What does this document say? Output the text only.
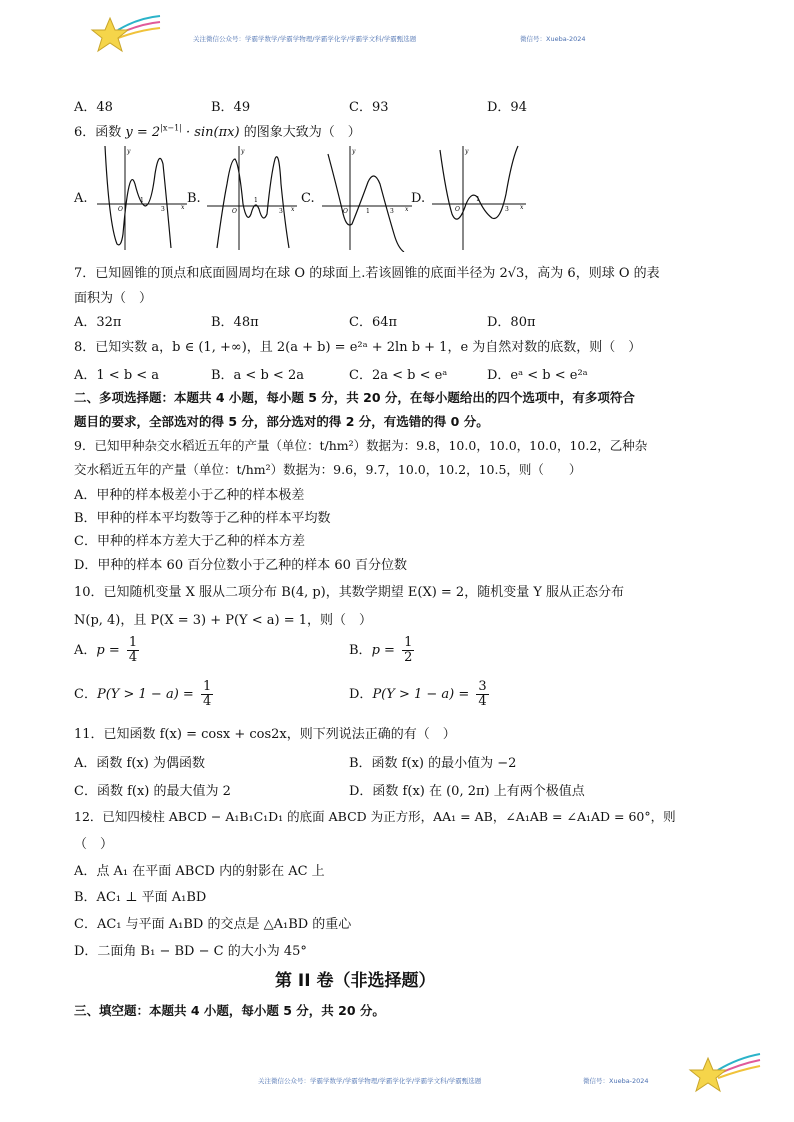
关注微信公众号：学霸学数学/学霸学物理/学霸学化学/学霸学文科/学霸甄选题	微信号：Xueba-2024
A．48	B．49	C．93	D．94
6．函数 $y = 2^{|x-1|} \cdot \sin(\pi x)$ 的图象大致为（　）
A.
y
x
O
1
3
B.
y
x
O
1
3
C.
y
x
O	1	3
D.
y
x
O
1
3
7．已知圆锥的顶点和底面圆周均在球 O 的球面上.若该圆锥的底面半径为 2√3，高为 6，则球 O 的表
面积为（　）
A．32π	B．48π	C．64π	D．80π
8．已知实数 a，b ∈ (1, +∞)，且 2(a + b) = e²ᵃ + 2ln b + 1，e 为自然对数的底数，则（　）
A．1 < b < a	B．a < b < 2a	C．2a < b < eᵃ	D．eᵃ < b < e²ᵃ
二、多项选择题：本题共 4 小题，每小题 5 分，共 20 分，在每小题给出的四个选项中，有多项符合
题目的要求，全部选对的得 5 分，部分选对的得 2 分，有选错的得 0 分。
9．已知甲种杂交水稻近五年的产量（单位：t/hm²）数据为：9.8，10.0，10.0，10.0，10.2，乙种杂
交水稻近五年的产量（单位：t/hm²）数据为：9.6，9.7，10.0，10.2，10.5，则（　　）
A．甲种的样本极差小于乙种的样本极差
B．甲种的样本平均数等于乙种的样本平均数
C．甲种的样本方差大于乙种的样本方差
D．甲种的样本 60 百分位数小于乙种的样本 60 百分位数
10．已知随机变量 X 服从二项分布 B(4, p)，其数学期望 E(X) = 2，随机变量 Y 服从正态分布
N(p, 4)，且 P(X = 3) + P(Y < a) = 1，则（　）
A．$p = \frac{1}{4}$	B．$p = \frac{1}{2}$
C．$P(Y > 1 - a) = \frac{1}{4}$	D．$P(Y > 1 - a) = \frac{3}{4}$
11．已知函数 f(x) = cosx + cos2x，则下列说法正确的有（　）
A．函数 f(x) 为偶函数	B．函数 f(x) 的最小值为 −2
C．函数 f(x) 的最大值为 2	D．函数 f(x) 在 (0, 2π) 上有两个极值点
12．已知四棱柱 ABCD − A₁B₁C₁D₁ 的底面 ABCD 为正方形，AA₁ = AB，∠A₁AB = ∠A₁AD = 60°，则
（　）
A．点 A₁ 在平面 ABCD 内的射影在 AC 上
B．AC₁ ⊥ 平面 A₁BD
C．AC₁ 与平面 A₁BD 的交点是 △A₁BD 的重心
D．二面角 B₁ − BD − C 的大小为 45°
第 II 卷（非选择题）
三、填空题：本题共 4 小题，每小题 5 分，共 20 分。
关注微信公众号：学霸学数学/学霸学物理/学霸学化学/学霸学文科/学霸甄选题	微信号：Xueba-2024
